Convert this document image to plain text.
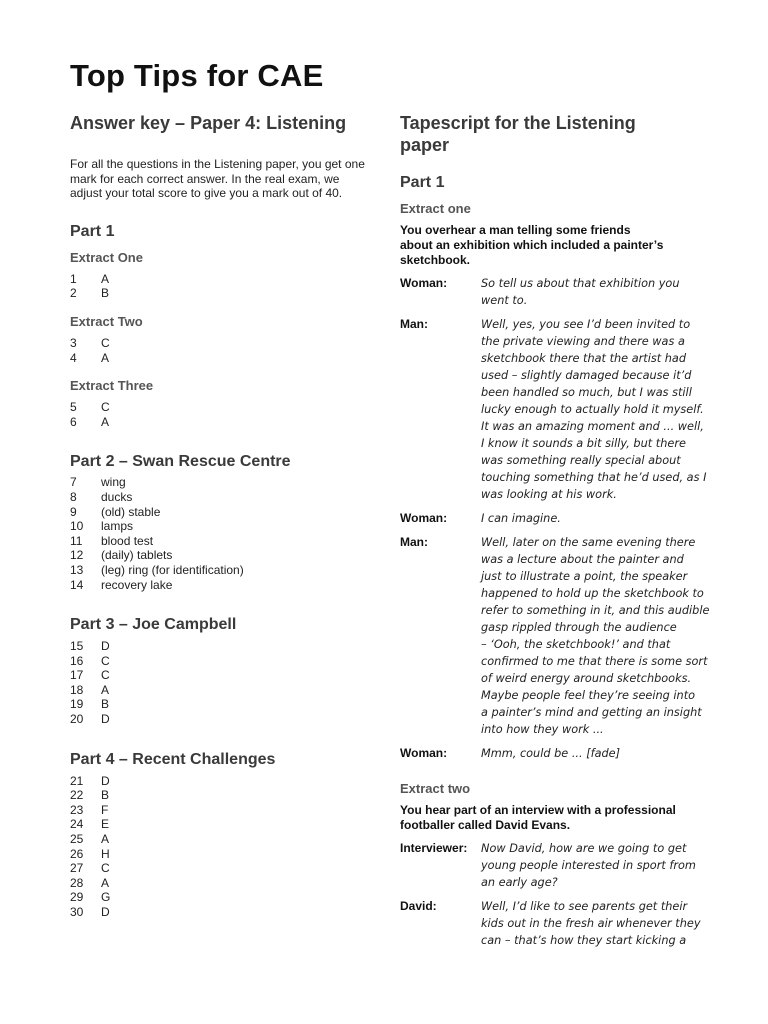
Top Tips for CAE
Answer key – Paper 4: Listening

For all the questions in the Listening paper, you get one mark for each correct answer. In the real exam, we adjust your total score to give you a mark out of 40.

Part 1
Extract One
1	A
2	B
Extract Two
3	C
4	A
Extract Three
5	C
6	A
Part 2 – Swan Rescue Centre
7	wing
8	ducks
9	(old) stable
10	lamps
11	blood test
12	(daily) tablets
13	(leg) ring (for identification)
14	recovery lake
Part 3 – Joe Campbell
15	D
16	C
17	C
18	A
19	B
20	D
Part 4 – Recent Challenges
21	D
22	B
23	F
24	E
25	A
26	H
27	C
28	A
29	G
30	D
Tapescript for the Listening
paper
Part 1
Extract one

You overhear a man telling some friends
about an exhibition which included a painter’s
sketchbook.

Woman:	So tell us about that exhibition you
went to.
Man:	Well, yes, you see I’d been invited to
the private viewing and there was a
sketchbook there that the artist had
used – slightly damaged because it’d
been handled so much, but I was still
lucky enough to actually hold it myself.
It was an amazing moment and ... well,
I know it sounds a bit silly, but there
was something really special about
touching something that he’d used, as I
was looking at his work.
Woman:	I can imagine.
Man:	Well, later on the same evening there
was a lecture about the painter and
just to illustrate a point, the speaker
happened to hold up the sketchbook to
refer to something in it, and this audible
gasp rippled through the audience
– ‘Ooh, the sketchbook!’ and that
confirmed to me that there is some sort
of weird energy around sketchbooks.
Maybe people feel they’re seeing into
a painter’s mind and getting an insight
into how they work ...
Woman:	Mmm, could be ... [fade]
Extract two

You hear part of an interview with a professional
footballer called David Evans.

Interviewer:	Now David, how are we going to get
young people interested in sport from
an early age?
David:	Well, I’d like to see parents get their
kids out in the fresh air whenever they
can – that’s how they start kicking a
